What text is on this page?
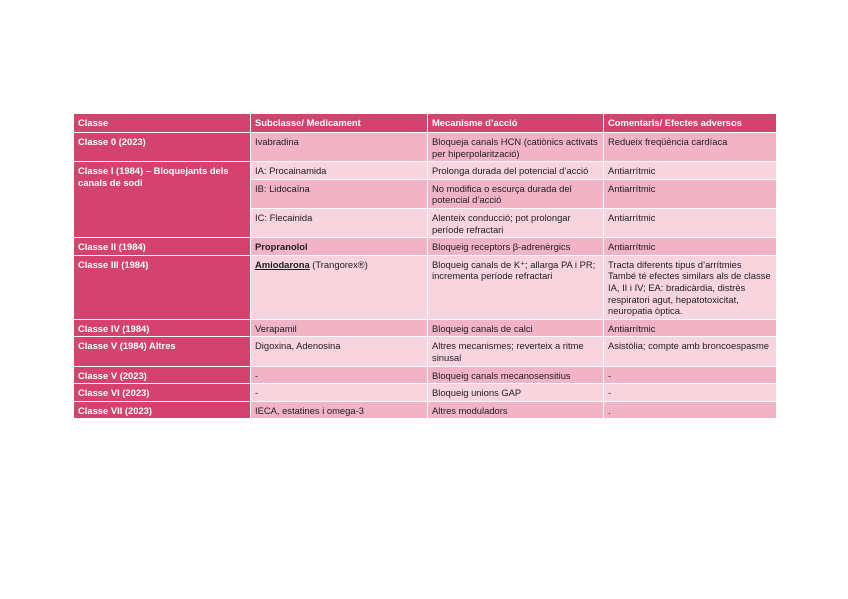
Classe	Subclasse/ Medicament	Mecanisme d’acció	Comentaris/ Efectes adversos
Classe 0 (2023)	Ivabradina	Bloqueja canals HCN (catiònics activats per hiperpolarització)	Redueix freqüència cardíaca
Classe I (1984) – Bloquejants dels canals de sodi	IA: Procainamida	Prolonga durada del potencial d’acció	Antiarrítmic
	IB: Lidocaïna	No modifica o escurça durada del potencial d’acció	Antiarrítmic
	IC: Flecainida	Alenteix conducció; pot prolongar període refractari	Antiarrítmic
Classe II (1984)	Propranolol	Bloqueig receptors β-adrenèrgics	Antiarrítmic
Classe III (1984)	Amiodarona (Trangorex®)	Bloqueig canals de K⁺; allarga PA i PR; incrementa període refractari	Tracta diferents tipus d’arrítmies També té efectes similars als de classe IA, II i IV; EA: bradicàrdia, distrès respiratori agut, hepatotoxicitat, neuropatia òptica.
Classe IV (1984)	Verapamil	Bloqueig canals de calci	Antiarrítmic
Classe V (1984) Altres	Digoxina, Adenosina	Altres mecanismes; reverteix a ritme sinusal	Asistòlia; compte amb broncoespasme
Classe V (2023)	-	Bloqueig canals mecanosensitius	-
Classe VI (2023)	-	Bloqueig unions GAP	-
Classe VII (2023)	IECA, estatines i omega-3	Altres moduladors	.
